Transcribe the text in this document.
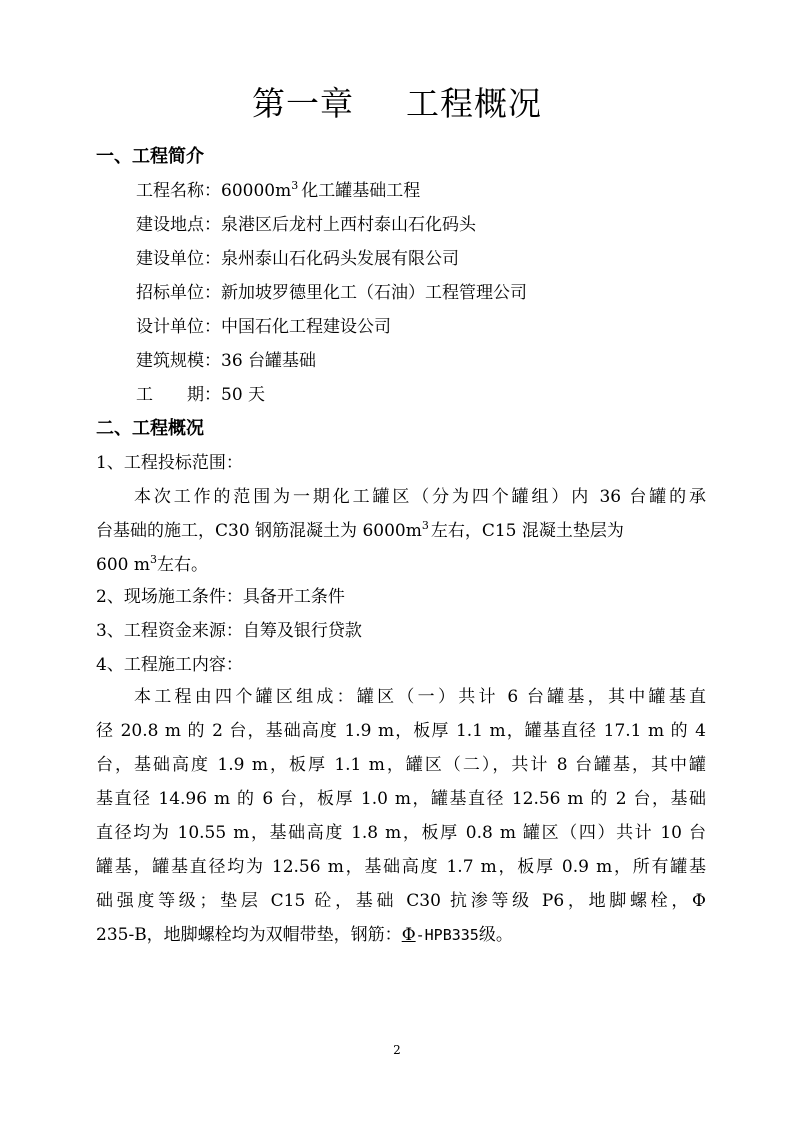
第一章 工程概况
一、工程简介
工程名称：$60000m^3$ 化工罐基础工程
建设地点：泉港区后龙村上西村泰山石化码头
建设单位：泉州泰山石化码头发展有限公司
招标单位：新加坡罗德里化工（石油）工程管理公司
设计单位：中国石化工程建设公司
建筑规模：36 台罐基础
工 期：50 天
二、工程概况
1、工程投标范围：
本次工作的范围为一期化工罐区（分为四个罐组）内 36 台罐的承
台基础的施工，C30 钢筋混凝土为 $6000m^3$ 左右，C15 混凝土垫层为
600 $m^3$左右。
2、现场施工条件：具备开工条件
3、工程资金来源：自筹及银行贷款
4、工程施工内容：
本工程由四个罐区组成：罐区（一）共计 6 台罐基，其中罐基直
径 20.8 m 的 2 台，基础高度 1.9 m，板厚 1.1 m，罐基直径 17.1 m 的 4
台，基础高度 1.9 m，板厚 1.1 m，罐区（二），共计 8 台罐基，其中罐
基直径 14.96 m 的 6 台，板厚 1.0 m，罐基直径 12.56 m 的 2 台，基础
直径均为 10.55 m，基础高度 1.8 m，板厚 0.8 m 罐区（四）共计 10 台
罐基，罐基直径均为 12.56 m，基础高度 1.7 m，板厚 0.9 m，所有罐基
础强度等级；垫层 C15 砼，基础 C30 抗渗等级 P6，地脚螺栓，Φ
235-B，地脚螺栓均为双帽带垫，钢筋：Φ-HPB335级。
2
